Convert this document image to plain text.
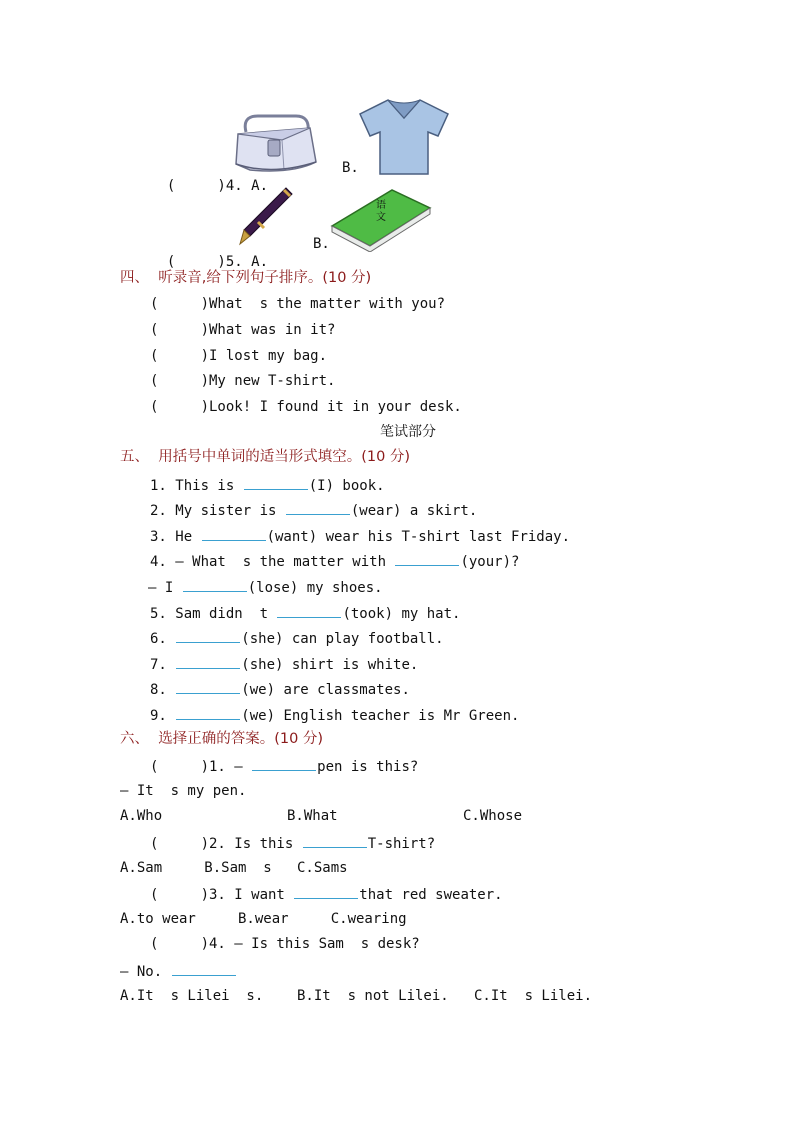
(     )4. A.

B.

(     )5. A.

B.
语
文
四、  听录音,给下列句子排序。(10 分)
(     )What  s the matter with you?
(     )What was in it?
(     )I lost my bag.
(     )My new T-shirt.
(     )Look! I found it in your desk.
笔试部分
五、  用括号中单词的适当形式填空。(10 分)
1. This is	(I) book.
2. My sister is	(wear) a skirt.
3. He	(want) wear his T-shirt last Friday.
4. — What  s the matter with	(your)?
— I	(lose) my shoes.
5. Sam didn  t	(took) my hat.
6.	(she) can play football.
7.	(she) shirt is white.
8.	(we) are classmates.
9.	(we) English teacher is Mr Green.
六、  选择正确的答案。(10 分)
(     )1. —	pen is this?
— It  s my pen.
A.Who	B.What	C.Whose
(     )2. Is this	T-shirt?
A.Sam     B.Sam  s   C.Sams
(     )3. I want	that red sweater.
A.to wear     B.wear     C.wearing
(     )4. — Is this Sam  s desk?
— No.
A.It  s Lilei  s.    B.It  s not Lilei.   C.It  s Lilei.
